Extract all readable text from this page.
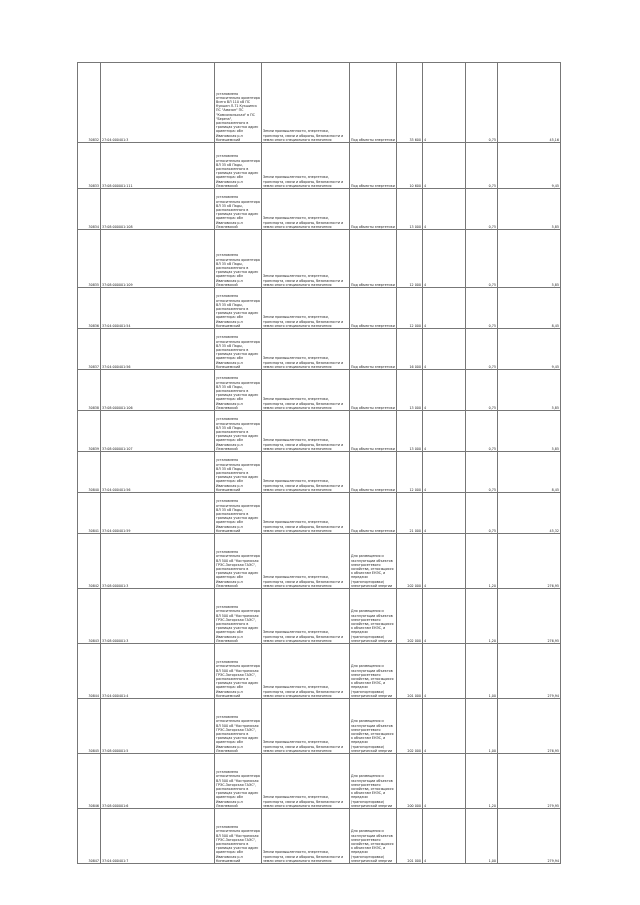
30832	27:04:000401:3	установлено относительно ориентира Всего ВЛ 110 кВ ПС Кукшин Л-71 Кукшинск ПС "Амазон" ПС "Комсомольская" в ПС "Береза", расположенного в границах участка адрес ориентира: обл Ивановская р-н Кинешемский	Земли промышленности, энергетики, транспорта, связи и обороны, безопасности и земли иного специального назначения	Под объекты энергетики	33 600	4	0,75	45,16
30833	37:08:000001:111	установлено относительно ориентира ВЛ 35 кВ Пады, расположенного в границах участка адрес ориентира: обл Ивановская р-н Лежневский	Земли промышленности, энергетики, транспорта, связи и обороны, безопасности и земли иного специального назначения	Под объекты энергетики	10 600	4	0,75	9,45
30834	37:08:000001:108	установлено относительно ориентира ВЛ 35 кВ Пады, расположенного в границах участка адрес ориентира: обл Ивановская р-н Лежневский	Земли промышленности, энергетики, транспорта, связи и обороны, безопасности и земли иного специального назначения	Под объекты энергетики	13 000	4	0,75	5,85
30835	37:08:000001:109	установлено относительно ориентира ВЛ 35 кВ Пады, расположенного в границах участка адрес ориентира: обл Ивановская р-н Лежневский	Земли промышленности, энергетики, транспорта, связи и обороны, безопасности и земли иного специального назначения	Под объекты энергетики	12 000	4	0,75	5,85
30836	37:04:000401:54	установлено относительно ориентира ВЛ 35 кВ Пады, расположенного в границах участка адрес ориентира: обл Ивановская р-н Кинешемский	Земли промышленности, энергетики, транспорта, связи и обороны, безопасности и земли иного специального назначения	Под объекты энергетики	12 000	4	0,75	8,45
30837	37:04:000401:56	установлено относительно ориентира ВЛ 35 кВ Пады, расположенного в границах участка адрес ориентира: обл Ивановская р-н Кинешемский	Земли промышленности, энергетики, транспорта, связи и обороны, безопасности и земли иного специального назначения	Под объекты энергетики	16 000	4	0,75	9,45
30838	37:08:000001:106	установлено относительно ориентира ВЛ 35 кВ Пады, расположенного в границах участка адрес ориентира: обл Ивановская р-н Лежневский	Земли промышленности, энергетики, транспорта, связи и обороны, безопасности и земли иного специального назначения	Под объекты энергетики	13 000	4	0,75	5,85
30839	37:08:000001:107	установлено относительно ориентира ВЛ 35 кВ Пады, расположенного в границах участка адрес ориентира: обл Ивановская р-н Лежневский	Земли промышленности, энергетики, транспорта, связи и обороны, безопасности и земли иного специального назначения	Под объекты энергетики	13 000	4	0,75	5,85
30840	37:04:000401:56	установлено относительно ориентира ВЛ 35 кВ Пады, расположенного в границах участка адрес ориентира: обл Ивановская р-н Кинешемский	Земли промышленности, энергетики, транспорта, связи и обороны, безопасности и земли иного специального назначения	Под объекты энергетики	12 000	4	0,75	8,45
30841	37:04:000401:59	установлено относительно ориентира ВЛ 35 кВ Пады, расположенного в границах участка адрес ориентира: обл Ивановская р-н Кинешемский	Земли промышленности, энергетики, транспорта, связи и обороны, безопасности и земли иного специального назначения	Под объекты энергетики	21 000	4	0,75	45,32
30842	37:08:000001:3	установлено относительно ориентира ВЛ 500 кВ "Костромская ГРЭС-Загорская ГАЭС", расположенного в границах участка адрес ориентира: обл Ивановская р-н Лежневский	Земли промышленности, энергетики, транспорта, связи и обороны, безопасности и земли иного специального назначения	Для размещения и эксплуатации объектов электросетевого хозяйства, относящихся к объектам ЕНЭС, и передачи (транспортировки) электрической энергии	202 000	4	1,20	276,95
30843	37:08:000001:3	установлено относительно ориентира ВЛ 500 кВ "Костромская ГРЭС-Загорская ГАЭС", расположенного в границах участка адрес ориентира: обл Ивановская р-н Лежневский	Земли промышленности, энергетики, транспорта, связи и обороны, безопасности и земли иного специального назначения	Для размещения и эксплуатации объектов электросетевого хозяйства, относящихся к объектам ЕНЭС, и передачи (транспортировки) электрической энергии	202 000	4	1,20	276,95
30844	37:04:000401:4	установлено относительно ориентира ВЛ 500 кВ "Костромская ГРЭС-Загорская ГАЭС", расположенного в границах участка адрес ориентира: обл Ивановская р-н Кинешемский	Земли промышленности, энергетики, транспорта, связи и обороны, безопасности и земли иного специального назначения	Для размещения и эксплуатации объектов электросетевого хозяйства, относящихся к объектам ЕНЭС, и передачи (транспортировки) электрической энергии	201 000	4	1,00	279,94
30845	37:08:000001:5	установлено относительно ориентира ВЛ 500 кВ "Костромская ГРЭС-Загорская ГАЭС", расположенного в границах участка адрес ориентира: обл Ивановская р-н Лежневский	Земли промышленности, энергетики, транспорта, связи и обороны, безопасности и земли иного специального назначения	Для размещения и эксплуатации объектов электросетевого хозяйства, относящихся к объектам ЕНЭС, и передачи (транспортировки) электрической энергии	202 000	4	1,00	276,95
30846	37:08:000001:6	установлено относительно ориентира ВЛ 500 кВ "Костромская ГРЭС-Загорская ГАЭС", расположенного в границах участка адрес ориентира: обл Ивановская р-н Лежневский	Земли промышленности, энергетики, транспорта, связи и обороны, безопасности и земли иного специального назначения	Для размещения и эксплуатации объектов электросетевого хозяйства, относящихся к объектам ЕНЭС, и передачи (транспортировки) электрической энергии	200 000	4	1,20	279,95
30847	37:04:000401:7	установлено относительно ориентира ВЛ 500 кВ "Костромская ГРЭС-Загорская ГАЭС", расположенного в границах участка адрес ориентира: обл Ивановская р-н Кинешемский	Земли промышленности, энергетики, транспорта, связи и обороны, безопасности и земли иного специального назначения	Для размещения и эксплуатации объектов электросетевого хозяйства, относящихся к объектам ЕНЭС, и передачи (транспортировки) электрической энергии	201 000	4	1,00	279,94
